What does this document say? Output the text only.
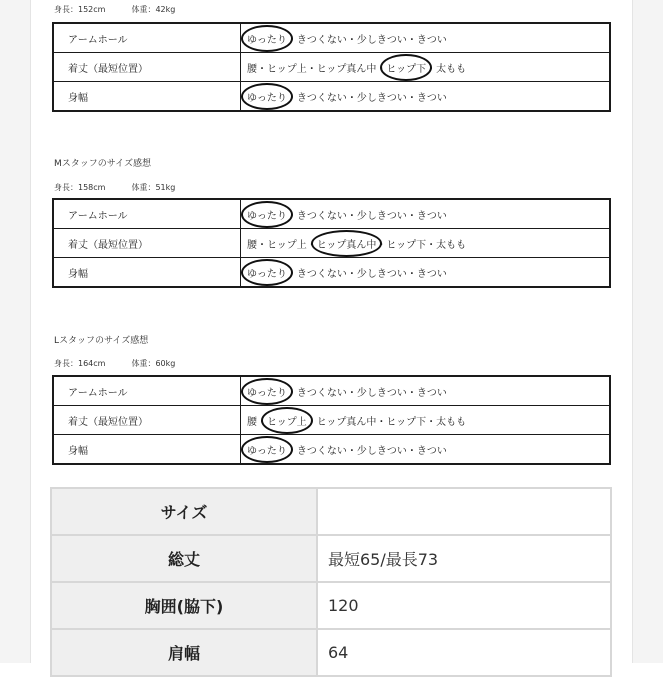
身長：152cm	体重：42kg
アームホール	ゆったり・きつくない・少しきつい・きつい
着丈（最短位置）	腰・ヒップ上・ヒップ真ん中・ヒップ下・太もも
身幅	ゆったり・きつくない・少しきつい・きつい
Mスタッフのサイズ感想
身長：158cm	体重：51kg
アームホール	ゆったり・きつくない・少しきつい・きつい
着丈（最短位置）	腰・ヒップ上・ヒップ真ん中・ヒップ下・太もも
身幅	ゆったり・きつくない・少しきつい・きつい
Lスタッフのサイズ感想
身長：164cm	体重：60kg
アームホール	ゆったり・きつくない・少しきつい・きつい
着丈（最短位置）	腰・ヒップ上・ヒップ真ん中・ヒップ下・太もも
身幅	ゆったり・きつくない・少しきつい・きつい
サイズ	
総丈	最短65/最長73
胸囲(脇下)	120
肩幅	64
